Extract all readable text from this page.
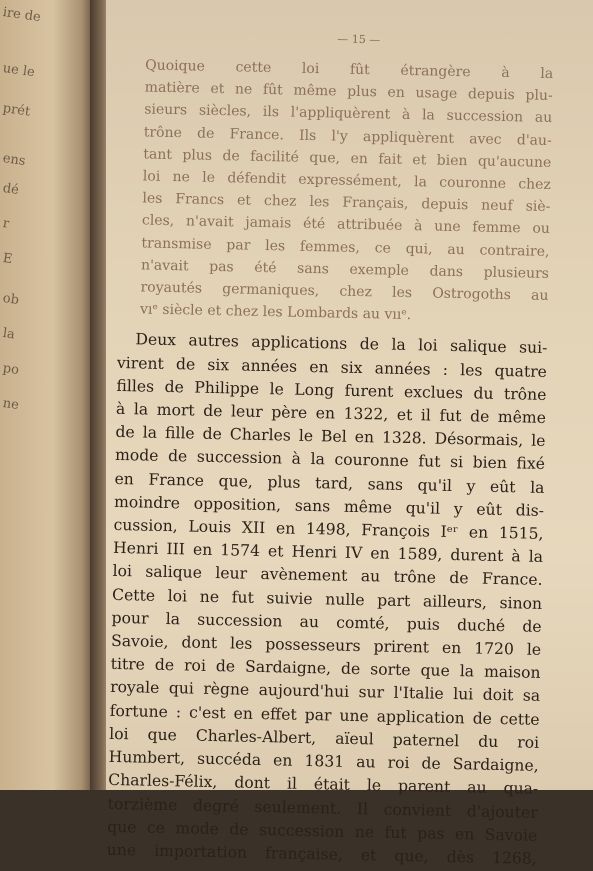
ire de
ue le
prét
ens
dé
r
E
ob
la
po
ne
— 15 —
Quoique cette loi fût étrangère à la
matière et ne fût même plus en usage depuis plu-
sieurs siècles, ils l'appliquèrent à la succession au
trône de France. Ils l'y appliquèrent avec d'au-
tant plus de facilité que, en fait et bien qu'aucune
loi ne le défendit expressément, la couronne chez
les Francs et chez les Français, depuis neuf siè-
cles, n'avait jamais été attribuée à une femme ou
transmise par les femmes, ce qui, au contraire,
n'avait pas été sans exemple dans plusieurs
royautés germaniques, chez les Ostrogoths au
vıᵉ siècle et chez les Lombards au vııᵉ.
Deux autres applications de la loi salique sui-
virent de six années en six années : les quatre
filles de Philippe le Long furent exclues du trône
à la mort de leur père en 1322, et il fut de même
de la fille de Charles le Bel en 1328. Désormais, le
mode de succession à la couronne fut si bien fixé
en France que, plus tard, sans qu'il y eût la
moindre opposition, sans même qu'il y eût dis-
cussion, Louis XII en 1498, François Iᵉʳ en 1515,
Henri III en 1574 et Henri IV en 1589, durent à la
loi salique leur avènement au trône de France.
Cette loi ne fut suivie nulle part ailleurs, sinon
pour la succession au comté, puis duché de
Savoie, dont les possesseurs prirent en 1720 le
titre de roi de Sardaigne, de sorte que la maison
royale qui règne aujourd'hui sur l'Italie lui doit sa
fortune : c'est en effet par une application de cette
loi que Charles-Albert, aïeul paternel du roi
Humbert, succéda en 1831 au roi de Sardaigne,
Charles-Félix, dont il était le parent au qua-
torzième degré seulement. Il convient d'ajouter
que ce mode de succession ne fut pas en Savoie
une importation française, et que, dès 1268,
